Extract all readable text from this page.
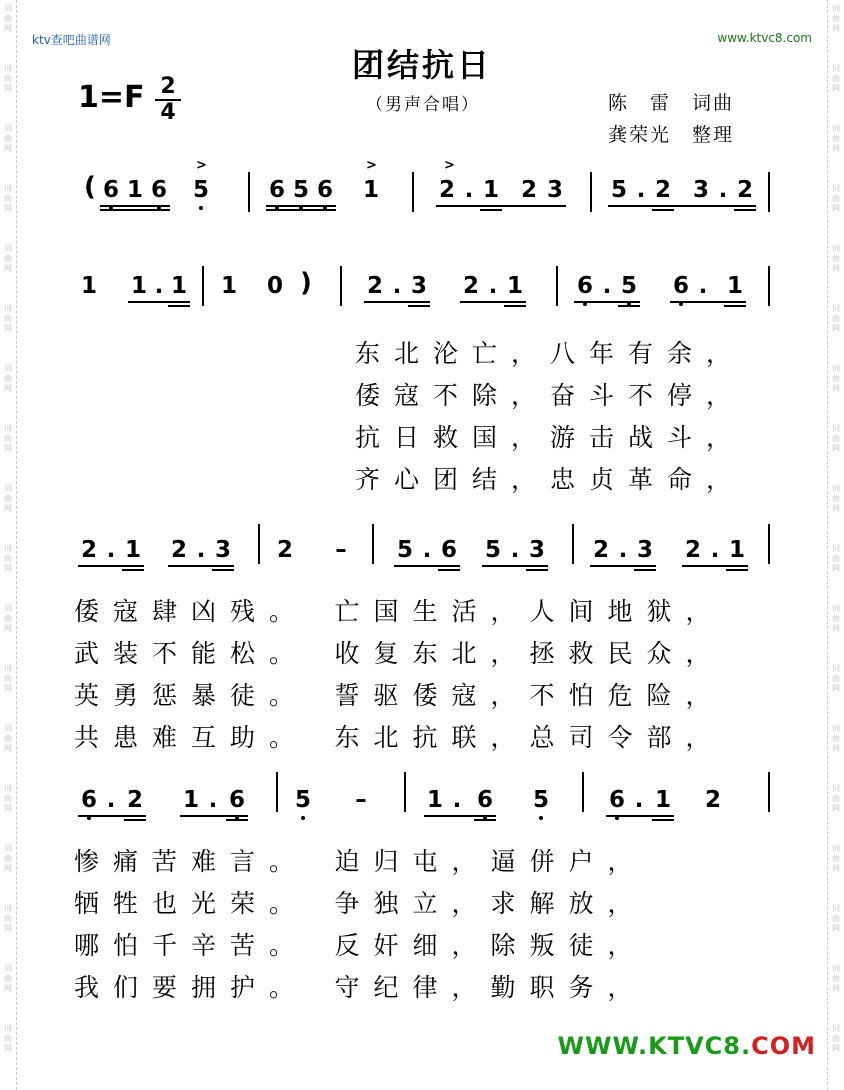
词
曲
网
词
曲
网
词
曲
网
词
曲
网
词
曲
网
词
曲
网
词
曲
网
词
曲
网
词
曲
网
词
曲
网
词
曲
网
词
曲
网
词
曲
网
词
曲
网
词
曲
网
词
曲
网
词
曲
网
词
曲
网
词
曲
网
词
曲
网
词
曲
网
词
曲
网
词
曲
网
词
曲
网
词
曲
网
词
曲
网
词
曲
网
词
曲
网
词
曲
网
词
曲
网
词
曲
网
词
曲
网
词
曲
网
词
曲
网
词
曲
网
词
曲
网
ktv查吧曲谱网	www.ktvc8.com
团结抗日
（男声合唱）
1=F 2
4	陈　雷　词曲
龚荣光　整理
( 6 1 6 5
>
6 5 6 1
>
2
>
. 1 2 3 5 . 2 3 . 2
1 1 . 1 1 0 ) 2 . 3 2 . 1 6 . 5 6 . 1
东北沦亡，八年有余，
倭寇不除，奋斗不停，
抗日救国，游击战斗，
齐心团结，忠贞革命，
2 . 1 2 . 3 2 – 5 . 6 5 . 3 2 . 3 2 . 1
倭寇肆凶残。　亡国生活，人间地狱，
武装不能松。　收复东北，拯救民众，
英勇惩暴徒。　誓驱倭寇，不怕危险，
共患难互助。　东北抗联，总司令部，
6 . 2 1 . 6 5 –	1 . 6 5	6 . 1 2
惨痛苦难言。　迫归屯，逼併户，
牺牲也光荣。　争独立，求解放，
哪怕千辛苦。　反奸细，除叛徒，
我们要拥护。　守纪律，勤职务，
WWW.KTVC8.COM
